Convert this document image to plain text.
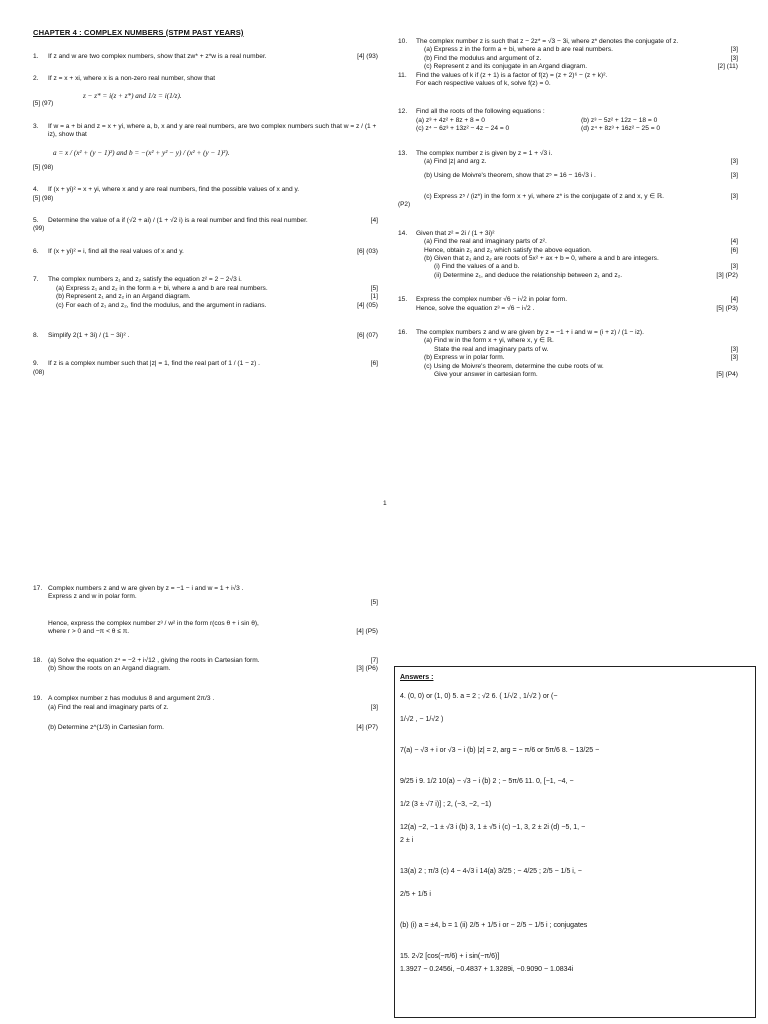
CHAPTER 4 : COMPLEX NUMBERS (STPM PAST YEARS)
1. If z and w are two complex numbers, show that zw* + z*w is a real number.	[4] (93)
2. If z = x + xi, where x is a non-zero real number, show that
z − z* = i(z + z*) and 1/z = i(1/z).
[5] (97)
3. If w = a + bi and z = x + yi, where a, b, x and y are real numbers, are two complex numbers such that w = z / (1 + iz), show that
a = x / (x² + (y − 1)²) and b = −(x² + y² − y) / (x² + (y − 1)²).
[5] (98)
4. If (x + yi)² = x + yi, where x and y are real numbers, find the possible values of x and y.
[5] (98)
5. Determine the value of a if (√2 + ai) / (1 + √2 i) is a real number and find this real number.	[4]
(99)
6. If (x + yi)² = i, find all the real values of x and y.	[6] (03)
7. The complex numbers z₁ and z₂ satisfy the equation z² = 2 − 2√3 i.
(a) Express z₁ and z₂ in the form a + bi, where a and b are real numbers.	[5]
(b) Represent z₁ and z₂ in an Argand diagram.	[1]
(c) For each of z₁ and z₂, find the modulus, and the argument in radians.	[4] (05)
8. Simplify 2(1 + 3i) / (1 − 3i)² .	[6] (07)
9. If z is a complex number such that |z| = 1, find the real part of 1 / (1 − z) .	[6]
(08)
10. The complex number z is such that z − 2z* = √3 − 3i, where z* denotes the conjugate of z.
(a) Express z in the form a + bi, where a and b are real numbers.	[3]
(b) Find the modulus and argument of z.	[3]
(c) Represent z and its conjugate in an Argand diagram.	[2] (11)
11. Find the values of k if (z + 1) is a factor of f(z) = (z + 2)⁶ − (z + k)².
For each respective values of k, solve f(z) = 0.
12. Find all the roots of the following equations :
(a) z³ + 4z² + 8z + 8 = 0	(b) z³ − 5z² + 12z − 18 = 0
(c) z⁴ − 6z³ + 13z² − 4z − 24 = 0	(d) z⁴ + 8z³ + 16z² − 25 = 0
13. The complex number z is given by z = 1 + √3 i.
(a) Find |z| and arg z.	[3]
(b) Using de Moivre's theorem, show that z⁵ = 16 − 16√3 i .	[3]
(c) Express z⁵ / (iz*) in the form x + yi, where z* is the conjugate of z and x, y ∈ ℝ.	[3]
(P2)
14. Given that z² = 2i / (1 + 3i)²
(a) Find the real and imaginary parts of z².	[4]
Hence, obtain z₁ and z₂ which satisfy the above equation.	[6]
(b) Given that z₁ and z₂ are roots of 5x² + ax + b = 0, where a and b are integers.
(i) Find the values of a and b.	[3]
(ii) Determine z₁, and deduce the relationship between z₁ and z₂.	[3] (P2)
15. Express the complex number √6 − i√2 in polar form.	[4]
Hence, solve the equation z³ = √6 − i√2 .	[5] (P3)
16. The complex numbers z and w are given by z = −1 + i and w = (i + z) / (1 − iz).
(a) Find w in the form x + yi, where x, y ∈ ℝ.
State the real and imaginary parts of w.	[3]
(b) Express w in polar form.	[3]
(c) Using de Moivre's theorem, determine the cube roots of w.
Give your answer in cartesian form.	[5] (P4)
1
17. Complex numbers z and w are given by z = −1 − i and w = 1 + i√3 .
Express z and w in polar form.
[5]
Hence, express the complex number z³ / w² in the form r(cos θ + i sin θ),
where r > 0 and −π < θ ≤ π.	[4] (P5)
18. (a) Solve the equation z⁴ = −2 + i√12 , giving the roots in Cartesian form.	[7]
(b) Show the roots on an Argand diagram.	[3] (P6)
19. A complex number z has modulus 8 and argument 2π/3 .
(a) Find the real and imaginary parts of z.	[3]
(b) Determine z^(1/3) in Cartesian form.	[4] (P7)
Answers :
4. (0, 0) or (1, 0) 5. a = 2 ; √2 6. ( 1/√2 , 1/√2 ) or (−
1/√2 , − 1/√2 )
7(a) − √3 + i or √3 − i (b) |z| = 2, arg = − π/6 or 5π/6 8. − 13/25 −
9/25 i 9. 1/2 10(a) − √3 − i (b) 2 ; − 5π/6 11. 0, [−1, −4, −
1/2 (3 ± √7 i)] ; 2, (−3, −2, −1)
12(a) −2, −1 ± √3 i (b) 3, 1 ± √5 i (c) −1, 3, 2 ± 2i (d) −5, 1, −
2 ± i
13(a) 2 ; π/3 (c) 4 − 4√3 i 14(a) 3/25 ; − 4/25 ; 2/5 − 1/5 i, −
2/5 + 1/5 i
(b) (i) a = ±4, b = 1 (ii) 2/5 + 1/5 i or − 2/5 − 1/5 i ; conjugates
15. 2√2 [cos(−π/6) + i sin(−π/6)]
1.3927 − 0.2456i, −0.4837 + 1.3289i, −0.9090 − 1.0834i
